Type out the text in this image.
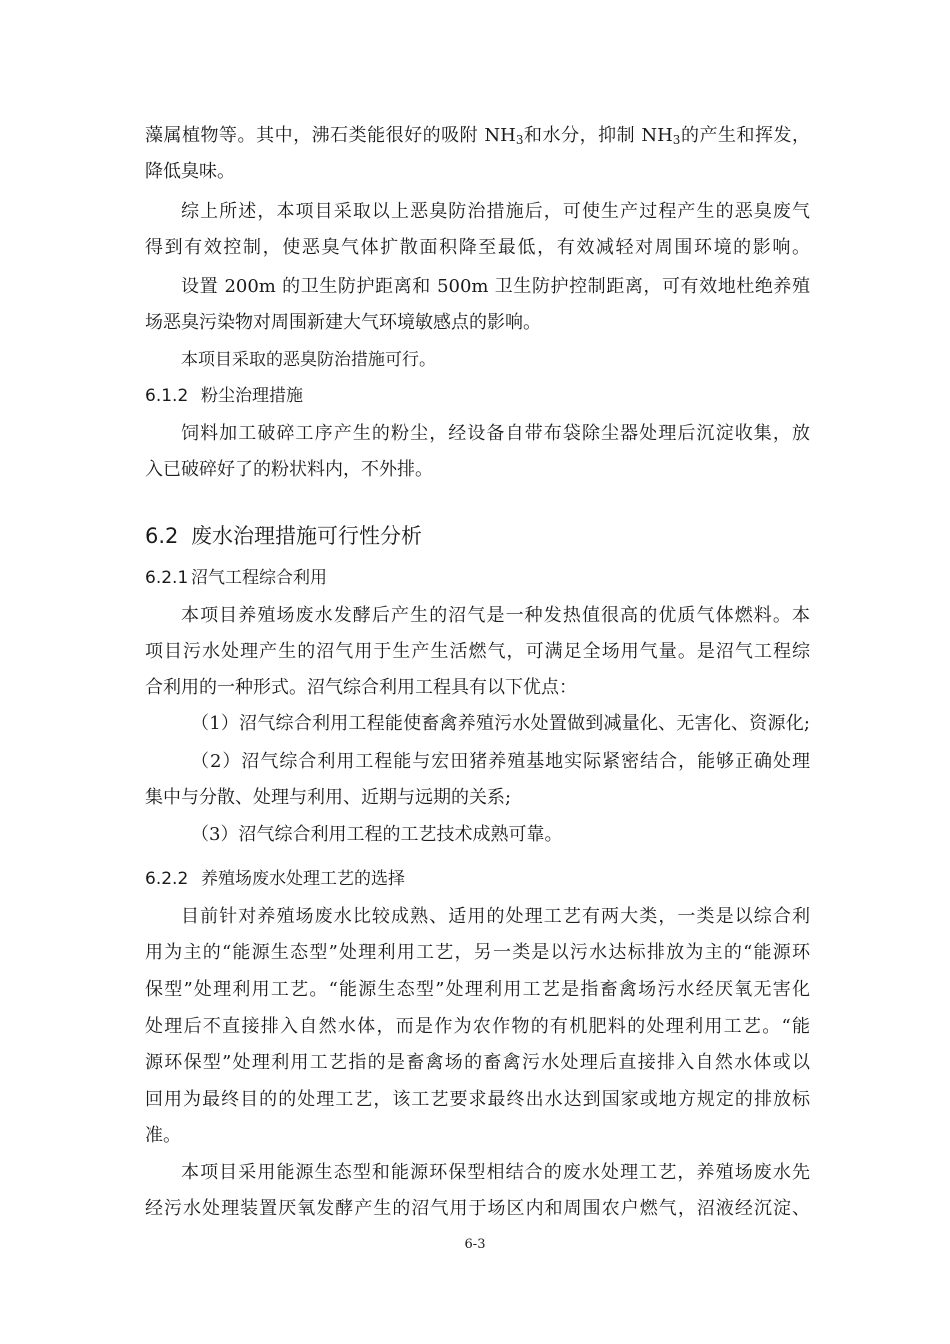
藻属植物等。其中，沸石类能很好的吸附 $NH_3$和水分，抑制 $NH_3$的产生和挥发，
降低臭味。
综上所述，本项目采取以上恶臭防治措施后，可使生产过程产生的恶臭废气
得到有效控制，使恶臭气体扩散面积降至最低，有效减轻对周围环境的影响。
设置 200m 的卫生防护距离和 500m 卫生防护控制距离，可有效地杜绝养殖
场恶臭污染物对周围新建大气环境敏感点的影响。
本项目采取的恶臭防治措施可行。
6.1.2 粉尘治理措施
饲料加工破碎工序产生的粉尘，经设备自带布袋除尘器处理后沉淀收集，放
入已破碎好了的粉状料内，不外排。
6.2 废水治理措施可行性分析
6.2.1 沼气工程综合利用
本项目养殖场废水发酵后产生的沼气是一种发热值很高的优质气体燃料。本
项目污水处理产生的沼气用于生产生活燃气，可满足全场用气量。是沼气工程综
合利用的一种形式。沼气综合利用工程具有以下优点：
（1）沼气综合利用工程能使畜禽养殖污水处置做到减量化、无害化、资源化;
（2）沼气综合利用工程能与宏田猪养殖基地实际紧密结合，能够正确处理
集中与分散、处理与利用、近期与远期的关系;
（3）沼气综合利用工程的工艺技术成熟可靠。
6.2.2 养殖场废水处理工艺的选择
目前针对养殖场废水比较成熟、适用的处理工艺有两大类，一类是以综合利
用为主的“能源生态型”处理利用工艺，另一类是以污水达标排放为主的“能源环
保型”处理利用工艺。“能源生态型”处理利用工艺是指畜禽场污水经厌氧无害化
处理后不直接排入自然水体，而是作为农作物的有机肥料的处理利用工艺。“能
源环保型”处理利用工艺指的是畜禽场的畜禽污水处理后直接排入自然水体或以
回用为最终目的的处理工艺，该工艺要求最终出水达到国家或地方规定的排放标
准。
本项目采用能源生态型和能源环保型相结合的废水处理工艺，养殖场废水先
经污水处理装置厌氧发酵产生的沼气用于场区内和周围农户燃气，沼液经沉淀、
6-3
